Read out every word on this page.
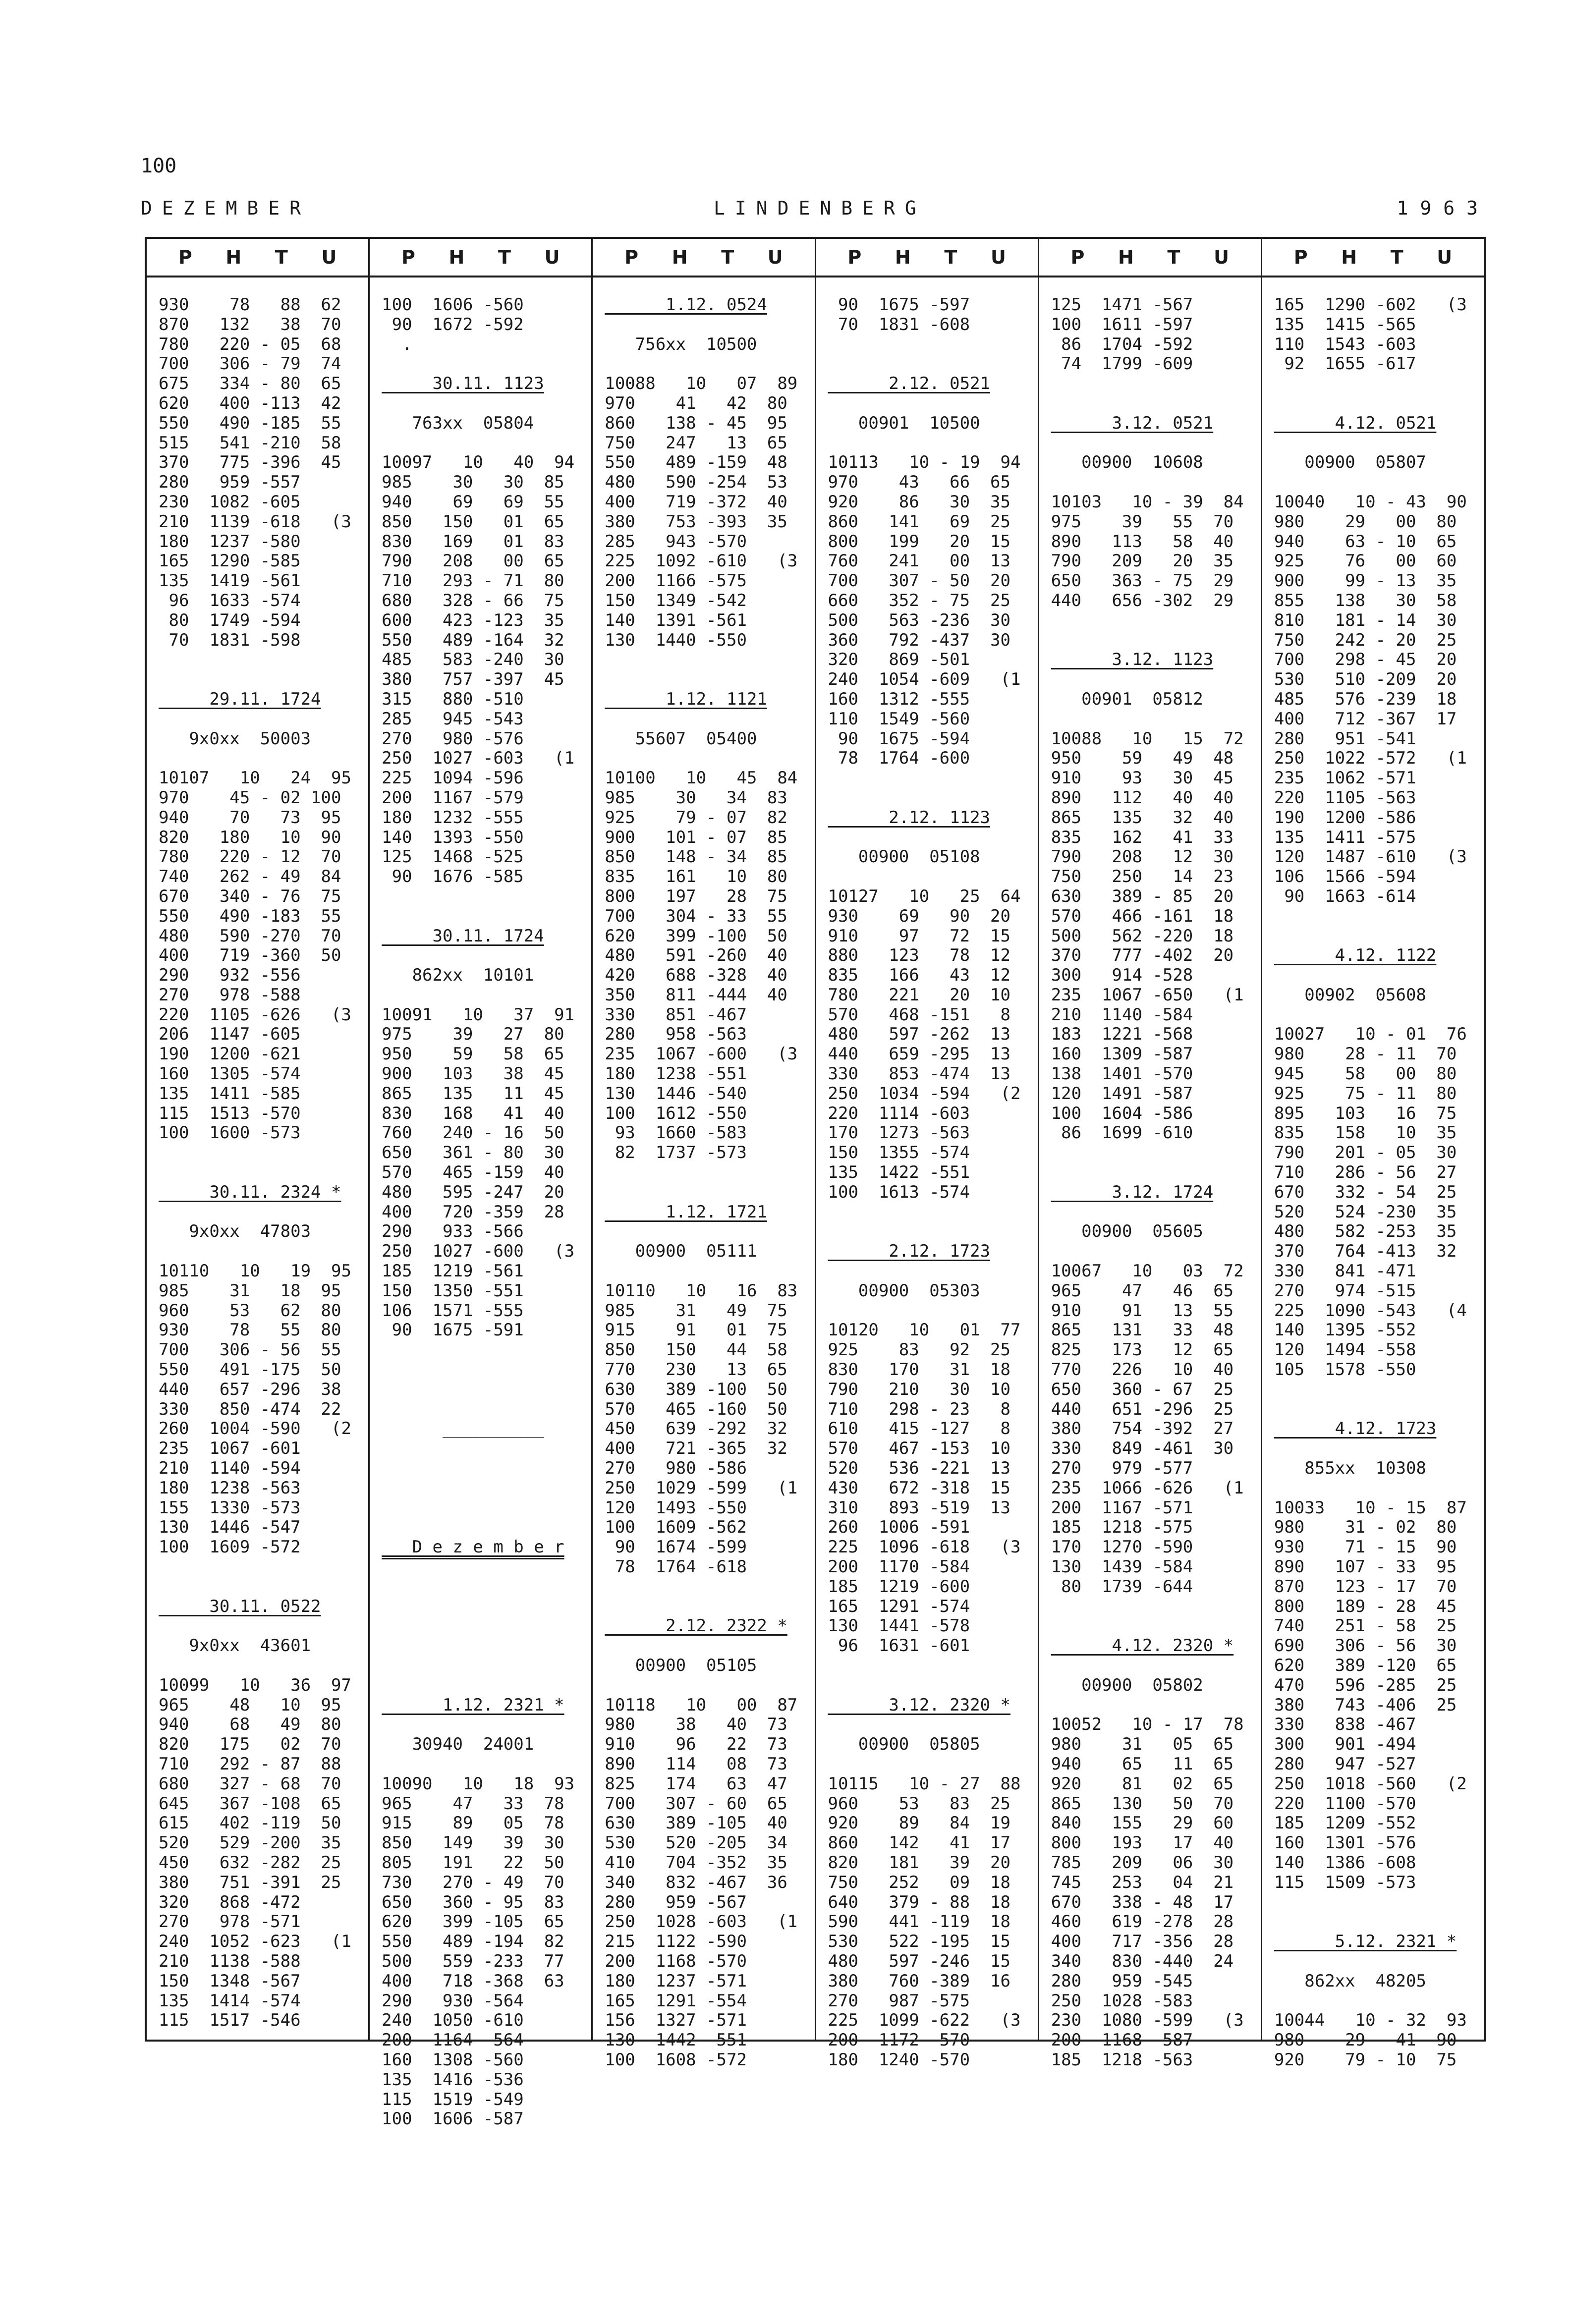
100
DEZEMBER	LINDENBERG	1963
P H T U
930    78   88  62
870   132   38  70
780   220 - 05  68
700   306 - 79  74
675   334 - 80  65
620   400 -113  42
550   490 -185  55
515   541 -210  58
370   775 -396  45
280   959 -557
230  1082 -605
210  1139 -618   (3
180  1237 -580
165  1290 -585
135  1419 -561
96  1633 -574
80  1749 -594
70  1831 -598
29.11. 1724
9x0xx  50003
10107   10   24  95
970    45 - 02 100
940    70   73  95
820   180   10  90
780   220 - 12  70
740   262 - 49  84
670   340 - 76  75
550   490 -183  55
480   590 -270  70
400   719 -360  50
290   932 -556
270   978 -588
220  1105 -626   (3
206  1147 -605
190  1200 -621
160  1305 -574
135  1411 -585
115  1513 -570
100  1600 -573
30.11. 2324 *
9x0xx  47803
10110   10   19  95
985    31   18  95
960    53   62  80
930    78   55  80
700   306 - 56  55
550   491 -175  50
440   657 -296  38
330   850 -474  22
260  1004 -590   (2
235  1067 -601
210  1140 -594
180  1238 -563
155  1330 -573
130  1446 -547
100  1609 -572
30.11. 0522
9x0xx  43601
10099   10   36  97
965    48   10  95
940    68   49  80
820   175   02  70
710   292 - 87  88
680   327 - 68  70
645   367 -108  65
615   402 -119  50
520   529 -200  35
450   632 -282  25
380   751 -391  25
320   868 -472
270   978 -571
240  1052 -623   (1
210  1138 -588
150  1348 -567
135  1414 -574
115  1517 -546
P H T U
100  1606 -560
90  1672 -592
.
30.11. 1123
763xx  05804
10097   10   40  94
985    30   30  85
940    69   69  55
850   150   01  65
830   169   01  83
790   208   00  65
710   293 - 71  80
680   328 - 66  75
600   423 -123  35
550   489 -164  32
485   583 -240  30
380   757 -397  45
315   880 -510
285   945 -543
270   980 -576
250  1027 -603   (1
225  1094 -596
200  1167 -579
180  1232 -555
140  1393 -550
125  1468 -525
90  1676 -585
30.11. 1724
862xx  10101
10091   10   37  91
975    39   27  80
950    59   58  65
900   103   38  45
865   135   11  45
830   168   41  40
760   240 - 16  50
650   361 - 80  30
570   465 -159  40
480   595 -247  20
400   720 -359  28
290   933 -566
250  1027 -600   (3
185  1219 -561
150  1350 -551
106  1571 -555
90  1675 -591
__________
D e z e m b e r
1.12. 2321 *
30940  24001
10090   10   18  93
965    47   33  78
915    89   05  78
850   149   39  30
805   191   22  50
730   270 - 49  70
650   360 - 95  83
620   399 -105  65
550   489 -194  82
500   559 -233  77
400   718 -368  63
290   930 -564
240  1050 -610
200  1164 -564
160  1308 -560
135  1416 -536
115  1519 -549
100  1606 -587
P H T U
1.12. 0524
756xx  10500
10088   10   07  89
970    41   42  80
860   138 - 45  95
750   247   13  65
550   489 -159  48
480   590 -254  53
400   719 -372  40
380   753 -393  35
285   943 -570
225  1092 -610   (3
200  1166 -575
150  1349 -542
140  1391 -561
130  1440 -550
1.12. 1121
55607  05400
10100   10   45  84
985    30   34  83
925    79 - 07  82
900   101 - 07  85
850   148 - 34  85
835   161   10  80
800   197   28  75
700   304 - 33  55
620   399 -100  50
480   591 -260  40
420   688 -328  40
350   811 -444  40
330   851 -467
280   958 -563
235  1067 -600   (3
180  1238 -551
130  1446 -540
100  1612 -550
93  1660 -583
82  1737 -573
1.12. 1721
00900  05111
10110   10   16  83
985    31   49  75
915    91   01  75
850   150   44  58
770   230   13  65
630   389 -100  50
570   465 -160  50
450   639 -292  32
400   721 -365  32
270   980 -586
250  1029 -599   (1
120  1493 -550
100  1609 -562
90  1674 -599
78  1764 -618
2.12. 2322 *
00900  05105
10118   10   00  87
980    38   40  73
910    96   22  73
890   114   08  73
825   174   63  47
700   307 - 60  65
630   389 -105  40
530   520 -205  34
410   704 -352  35
340   832 -467  36
280   959 -567
250  1028 -603   (1
215  1122 -590
200  1168 -570
180  1237 -571
165  1291 -554
156  1327 -571
130  1442 -551
100  1608 -572
P H T U
90  1675 -597
70  1831 -608
2.12. 0521
00901  10500
10113   10 - 19  94
970    43   66  65
920    86   30  35
860   141   69  25
800   199   20  15
760   241   00  13
700   307 - 50  20
660   352 - 75  25
500   563 -236  30
360   792 -437  30
320   869 -501
240  1054 -609   (1
160  1312 -555
110  1549 -560
90  1675 -594
78  1764 -600
2.12. 1123
00900  05108
10127   10   25  64
930    69   90  20
910    97   72  15
880   123   78  12
835   166   43  12
780   221   20  10
570   468 -151   8
480   597 -262  13
440   659 -295  13
330   853 -474  13
250  1034 -594   (2
220  1114 -603
170  1273 -563
150  1355 -574
135  1422 -551
100  1613 -574
2.12. 1723
00900  05303
10120   10   01  77
925    83   92  25
830   170   31  18
790   210   30  10
710   298 - 23   8
610   415 -127   8
570   467 -153  10
520   536 -221  13
430   672 -318  15
310   893 -519  13
260  1006 -591
225  1096 -618   (3
200  1170 -584
185  1219 -600
165  1291 -574
130  1441 -578
96  1631 -601
3.12. 2320 *
00900  05805
10115   10 - 27  88
960    53   83  25
920    89   84  19
860   142   41  17
820   181   39  20
750   252   09  18
640   379 - 88  18
590   441 -119  18
530   522 -195  15
480   597 -246  15
380   760 -389  16
270   987 -575
225  1099 -622   (3
200  1172 -570
180  1240 -570
P H T U
125  1471 -567
100  1611 -597
86  1704 -592
74  1799 -609
3.12. 0521
00900  10608
10103   10 - 39  84
975    39   55  70
890   113   58  40
790   209   20  35
650   363 - 75  29
440   656 -302  29
3.12. 1123
00901  05812
10088   10   15  72
950    59   49  48
910    93   30  45
890   112   40  40
865   135   32  40
835   162   41  33
790   208   12  30
750   250   14  23
630   389 - 85  20
570   466 -161  18
500   562 -220  18
370   777 -402  20
300   914 -528
235  1067 -650   (1
210  1140 -584
183  1221 -568
160  1309 -587
138  1401 -570
120  1491 -587
100  1604 -586
86  1699 -610
3.12. 1724
00900  05605
10067   10   03  72
965    47   46  65
910    91   13  55
865   131   33  48
825   173   12  65
770   226   10  40
650   360 - 67  25
440   651 -296  25
380   754 -392  27
330   849 -461  30
270   979 -577
235  1066 -626   (1
200  1167 -571
185  1218 -575
170  1270 -590
130  1439 -584
80  1739 -644
4.12. 2320 *
00900  05802
10052   10 - 17  78
980    31   05  65
940    65   11  65
920    81   02  65
865   130   50  70
840   155   29  60
800   193   17  40
785   209   06  30
745   253   04  21
670   338 - 48  17
460   619 -278  28
400   717 -356  28
340   830 -440  24
280   959 -545
250  1028 -583
230  1080 -599   (3
200  1168 -587
185  1218 -563
P H T U
165  1290 -602   (3
135  1415 -565
110  1543 -603
92  1655 -617
4.12. 0521
00900  05807
10040   10 - 43  90
980    29   00  80
940    63 - 10  65
925    76   00  60
900    99 - 13  35
855   138   30  58
810   181 - 14  30
750   242 - 20  25
700   298 - 45  20
530   510 -209  20
485   576 -239  18
400   712 -367  17
280   951 -541
250  1022 -572   (1
235  1062 -571
220  1105 -563
190  1200 -586
135  1411 -575
120  1487 -610   (3
106  1566 -594
90  1663 -614
4.12. 1122
00902  05608
10027   10 - 01  76
980    28 - 11  70
945    58   00  80
925    75 - 11  80
895   103   16  75
835   158   10  35
790   201 - 05  30
710   286 - 56  27
670   332 - 54  25
520   524 -230  35
480   582 -253  35
370   764 -413  32
330   841 -471
270   974 -515
225  1090 -543   (4
140  1395 -552
120  1494 -558
105  1578 -550
4.12. 1723
855xx  10308
10033   10 - 15  87
980    31 - 02  80
930    71 - 15  90
890   107 - 33  95
870   123 - 17  70
800   189 - 28  45
740   251 - 58  25
690   306 - 56  30
620   389 -120  65
470   596 -285  25
380   743 -406  25
330   838 -467
300   901 -494
280   947 -527
250  1018 -560   (2
220  1100 -570
185  1209 -552
160  1301 -576
140  1386 -608
115  1509 -573
5.12. 2321 *
862xx  48205
10044   10 - 32  93
980    29 - 41  90
920    79 - 10  75
